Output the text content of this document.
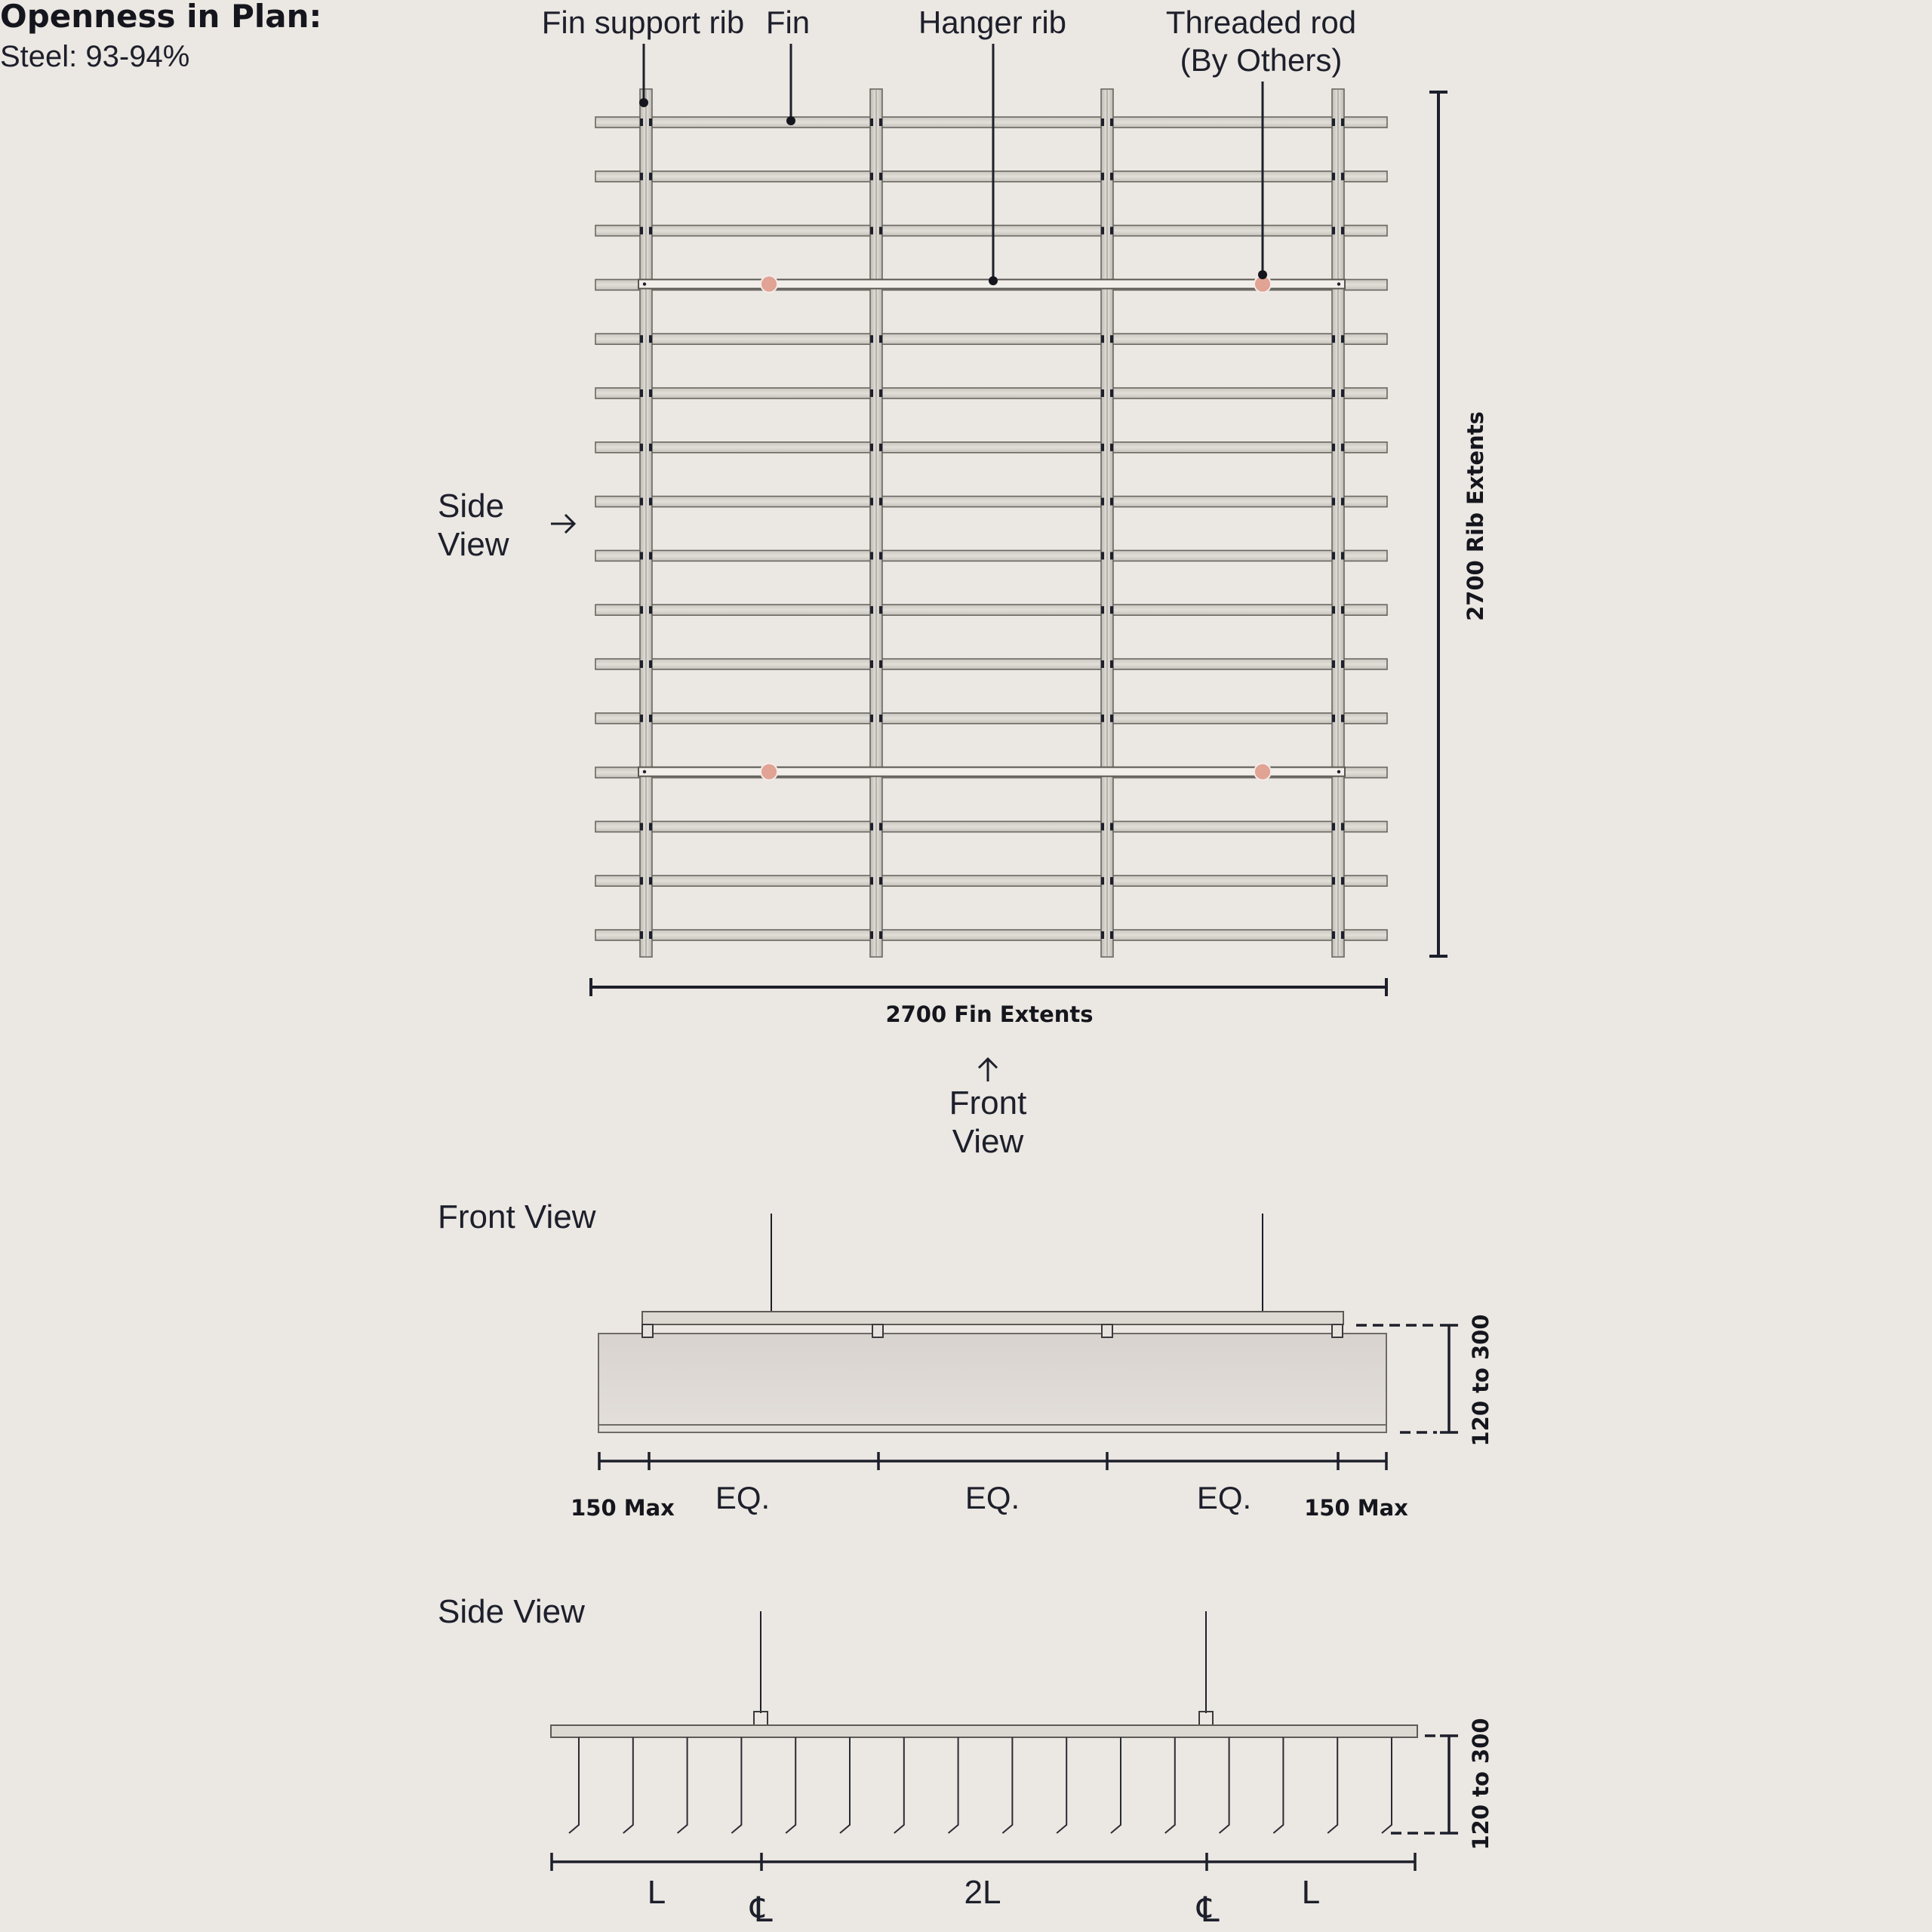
Openness in Plan:
Steel: 93-94%
Fin support rib Fin	Hanger rib	Threaded rod
(By Others)
2700 Rib Extents
2700 Fin Extents
Side
View
Front
View
Front View
120 to 300
150 Max	150 Max
EQ.	EQ.	EQ.
Side View
120 to 300
L	2L	L
℄	℄
